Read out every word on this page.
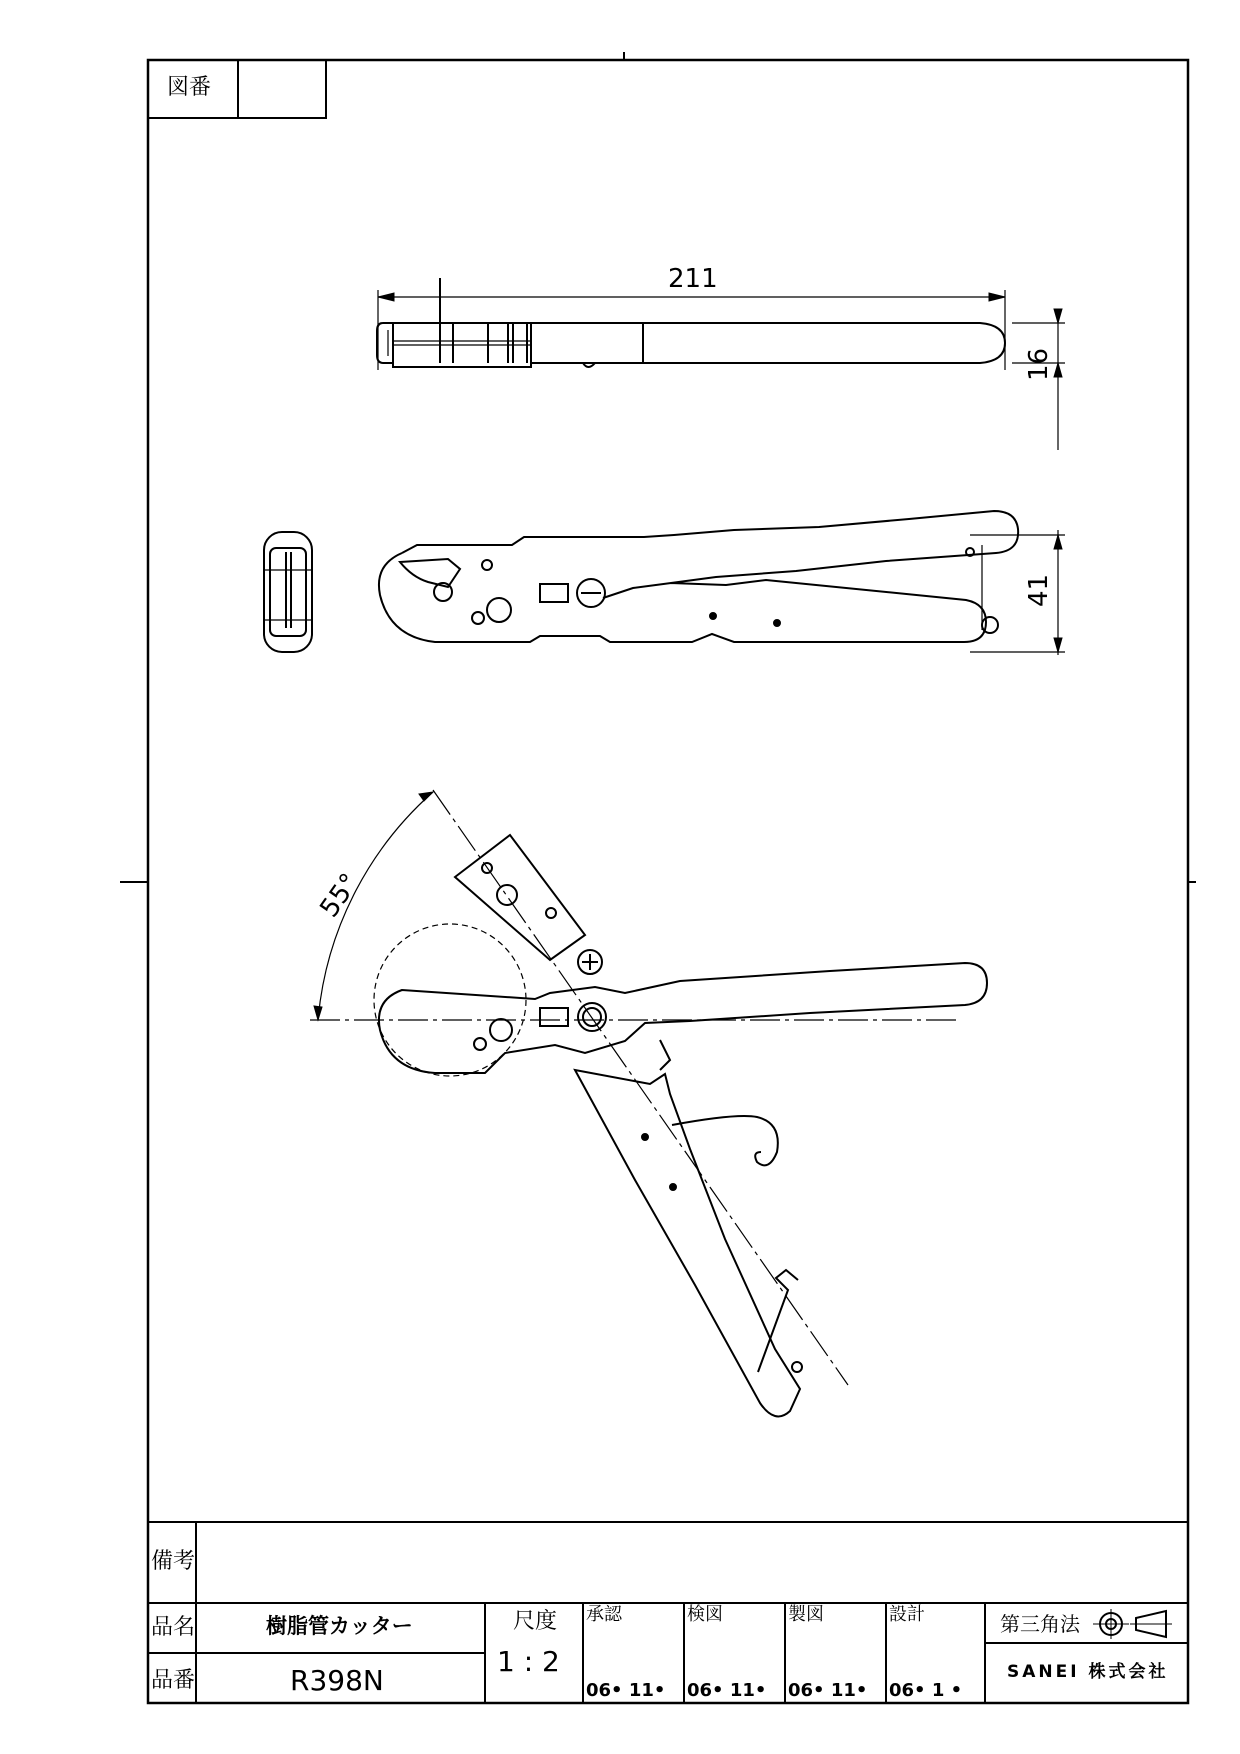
図番
211
16
41
55°
備考
品名	樹脂管カッター
品番	R398N
尺度
1 : 2
承認
06• 11•
検図
06• 11•
製図
06• 11•
設計
06• 1 •
第三角法
SANEI 株式会社
